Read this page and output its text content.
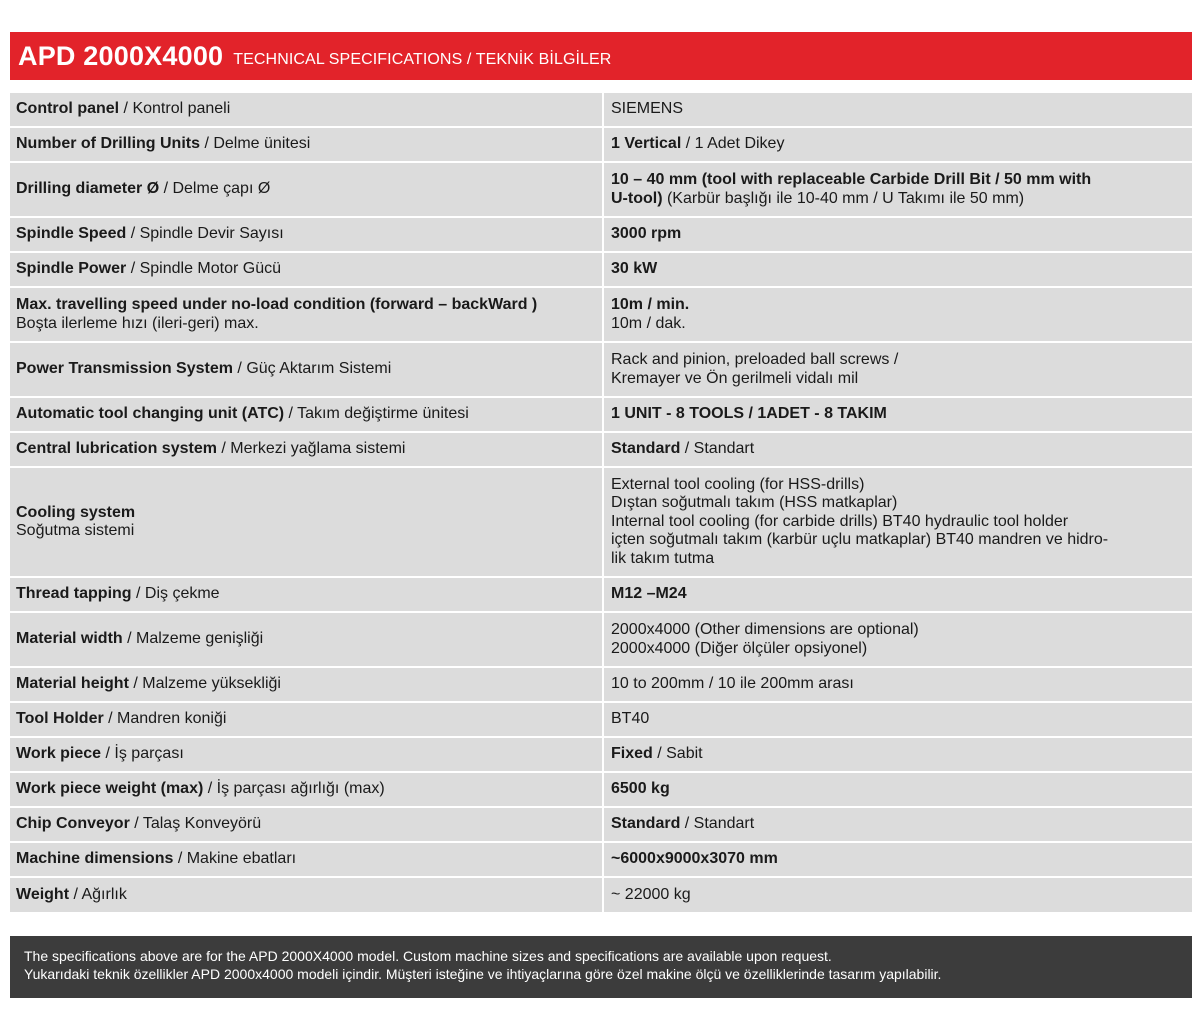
APD 2000X4000 TECHNICAL SPECIFICATIONS / TEKNİK BİLGİLER
Control panel / Kontrol paneli	SIEMENS

Number of Drilling Units / Delme ünitesi	1 Vertical / 1 Adet Dikey

Drilling diameter Ø / Delme çapı Ø	10 – 40 mm (tool with replaceable Carbide Drill Bit / 50 mm with
U-tool) (Karbür başlığı ile 10-40 mm / U Takımı ile 50 mm)

Spindle Speed / Spindle Devir Sayısı	3000 rpm

Spindle Power / Spindle Motor Gücü	30 kW

Max. travelling speed under no-load condition (forward – backWard )
Boşta ilerleme hızı (ileri-geri) max.	10m / min.
10m / dak.

Power Transmission System / Güç Aktarım Sistemi	Rack and pinion, preloaded ball screws /
Kremayer ve Ön gerilmeli vidalı mil

Automatic tool changing unit (ATC) / Takım değiştirme ünitesi	1 UNIT - 8 TOOLS / 1ADET - 8 TAKIM

Central lubrication system / Merkezi yağlama sistemi	Standard / Standart

Cooling system
Soğutma sistemi	External tool cooling (for HSS-drills)
Dıştan soğutmalı takım (HSS matkaplar)
Internal tool cooling (for carbide drills) BT40 hydraulic tool holder
içten soğutmalı takım (karbür uçlu matkaplar) BT40 mandren ve hidro-
lik takım tutma

Thread tapping / Diş çekme	M12 –M24

Material width / Malzeme genişliği	2000x4000 (Other dimensions are optional)
2000x4000 (Diğer ölçüler opsiyonel)

Material height / Malzeme yüksekliği	10 to 200mm / 10 ile 200mm arası

Tool Holder / Mandren koniği	BT40

Work piece / İş parçası	Fixed / Sabit

Work piece weight (max) / İş parçası ağırlığı (max)	6500 kg

Chip Conveyor / Talaş Konveyörü	Standard / Standart

Machine dimensions / Makine ebatları	~6000x9000x3070 mm

Weight / Ağırlık	~ 22000 kg
The specifications above are for the APD 2000X4000 model. Custom machine sizes and specifications are available upon request.
Yukarıdaki teknik özellikler APD 2000x4000 modeli içindir. Müşteri isteğine ve ihtiyaçlarına göre özel makine ölçü ve özelliklerinde tasarım yapılabilir.
